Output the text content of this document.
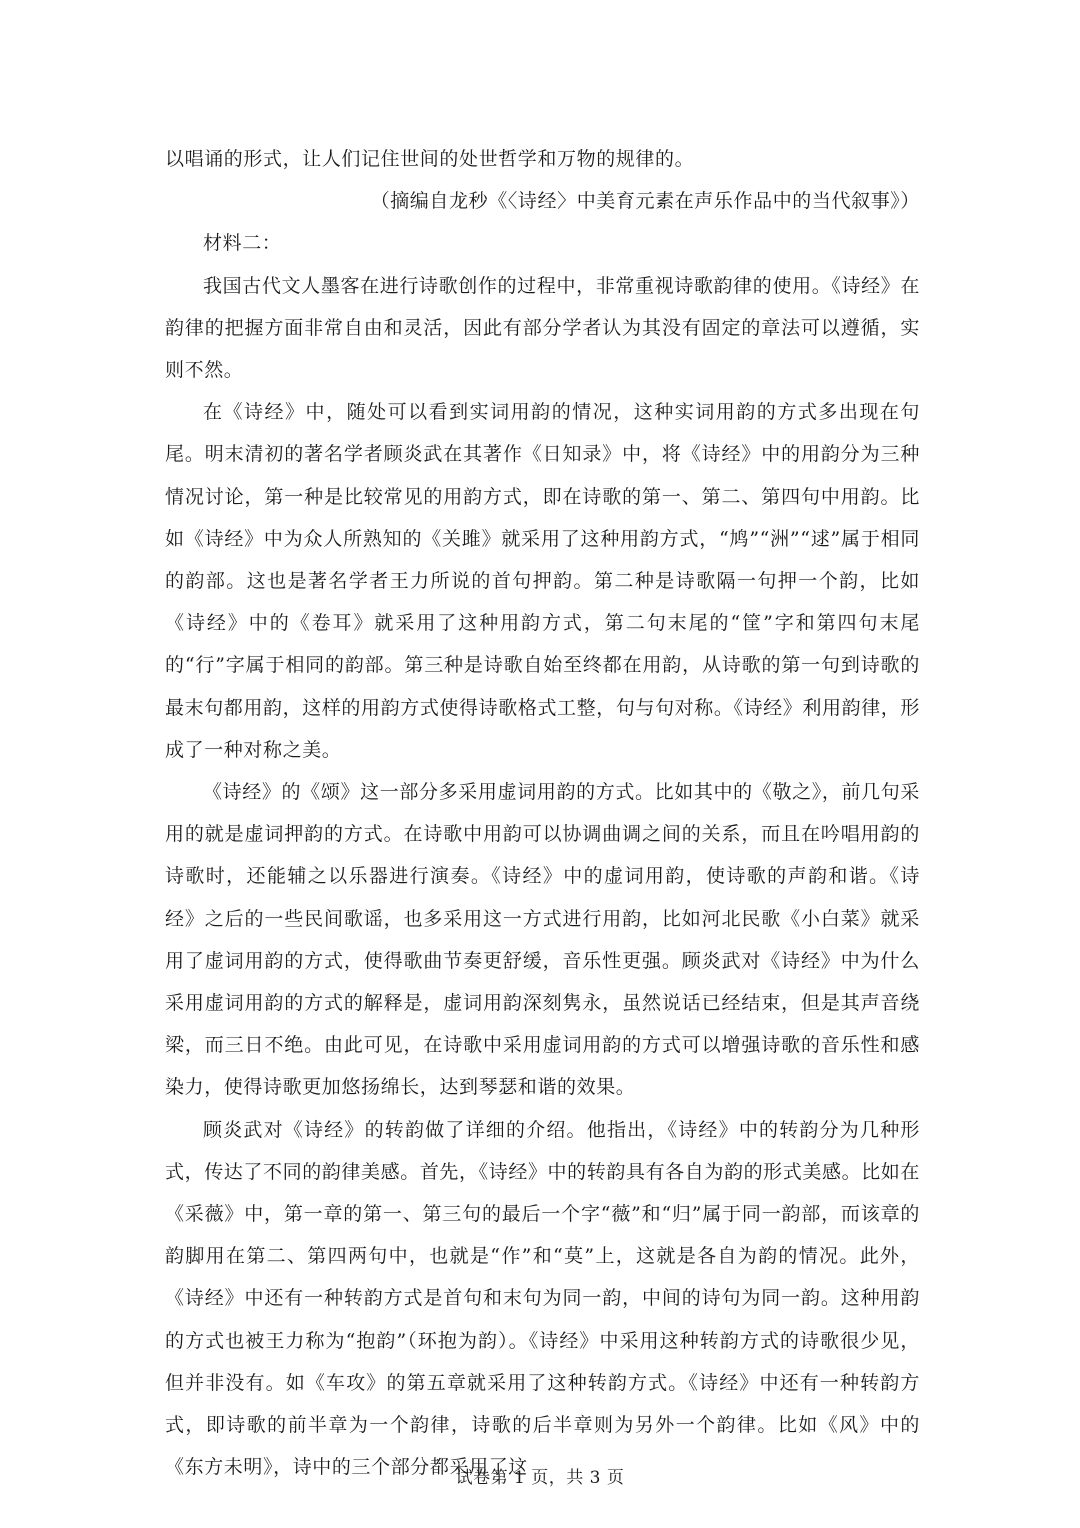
以唱诵的形式，让人们记住世间的处世哲学和万物的规律的。

（摘编自龙秒《〈诗经〉中美育元素在声乐作品中的当代叙事》）

材料二：

我国古代文人墨客在进行诗歌创作的过程中，非常重视诗歌韵律的使用。《诗经》在韵律的把握方面非常自由和灵活，因此有部分学者认为其没有固定的章法可以遵循，实则不然。

在《诗经》中，随处可以看到实词用韵的情况，这种实词用韵的方式多出现在句尾。明末清初的著名学者顾炎武在其著作《日知录》中，将《诗经》中的用韵分为三种情况讨论，第一种是比较常见的用韵方式，即在诗歌的第一、第二、第四句中用韵。比如《诗经》中为众人所熟知的《关雎》就采用了这种用韵方式，“鸠”“洲”“逑”属于相同的韵部。这也是著名学者王力所说的首句押韵。第二种是诗歌隔一句押一个韵，比如《诗经》中的《卷耳》就采用了这种用韵方式，第二句末尾的“筐”字和第四句末尾的“行”字属于相同的韵部。第三种是诗歌自始至终都在用韵，从诗歌的第一句到诗歌的最末句都用韵，这样的用韵方式使得诗歌格式工整，句与句对称。《诗经》利用韵律，形成了一种对称之美。

《诗经》的《颂》这一部分多采用虚词用韵的方式。比如其中的《敬之》，前几句采用的就是虚词押韵的方式。在诗歌中用韵可以协调曲调之间的关系，而且在吟唱用韵的诗歌时，还能辅之以乐器进行演奏。《诗经》中的虚词用韵，使诗歌的声韵和谐。《诗经》之后的一些民间歌谣，也多采用这一方式进行用韵，比如河北民歌《小白菜》就采用了虚词用韵的方式，使得歌曲节奏更舒缓，音乐性更强。顾炎武对《诗经》中为什么采用虚词用韵的方式的解释是，虚词用韵深刻隽永，虽然说话已经结束，但是其声音绕梁，而三日不绝。由此可见，在诗歌中采用虚词用韵的方式可以增强诗歌的音乐性和感染力，使得诗歌更加悠扬绵长，达到琴瑟和谐的效果。

顾炎武对《诗经》的转韵做了详细的介绍。他指出，《诗经》中的转韵分为几种形式，传达了不同的韵律美感。首先，《诗经》中的转韵具有各自为韵的形式美感。比如在《采薇》中，第一章的第一、第三句的最后一个字“薇”和“归”属于同一韵部，而该章的韵脚用在第二、第四两句中，也就是“作”和“莫”上，这就是各自为韵的情况。此外，《诗经》中还有一种转韵方式是首句和末句为同一韵，中间的诗句为同一韵。这种用韵的方式也被王力称为“抱韵”（环抱为韵）。《诗经》中采用这种转韵方式的诗歌很少见，但并非没有。如《车攻》的第五章就采用了这种转韵方式。《诗经》中还有一种转韵方式，即诗歌的前半章为一个韵律，诗歌的后半章则为另外一个韵律。比如《风》中的《东方未明》，诗中的三个部分都采用了这

试卷第 1 页，共 3 页
